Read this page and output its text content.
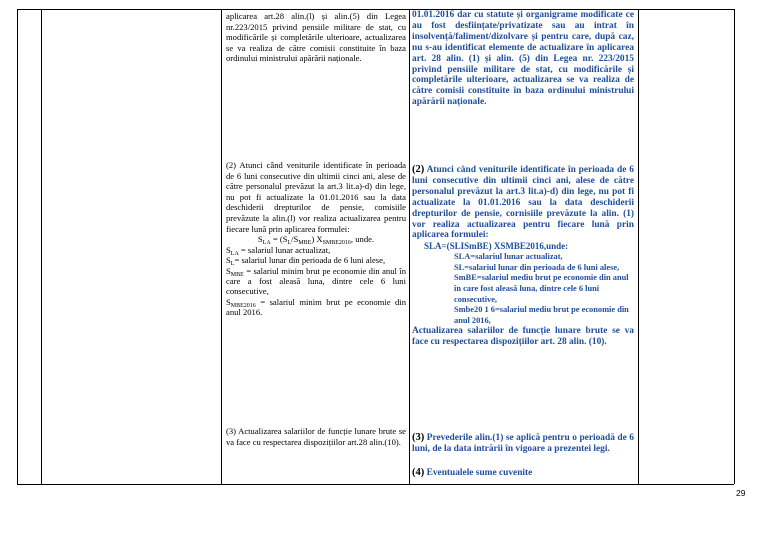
aplicarea art.28 alin.(l) și alin.(5) din Legea nr.223/2015 privind pensiile militare de stat, cu modificările și completările ulterioare, actualizarea se va realiza de către comisii constituite în baza ordinului ministrului apărării naționale.
(2) Atunci când veniturile identificate în perioada de 6 luni consecutive din ultimii cinci ani, alese de către personalul prevăzut la art.3 lit.a)-d) din lege, nu pot fi actualizate la 01.01.2016 sau la data deschiderii drepturilor de pensie, comisiile prevăzute la alin.(l) vor realiza actualizarea pentru fiecare lună prin aplicarea formulei:
$S_{LA} = (S_L/S_{MBE})$ $X_{SMBE2016}$, unde.
$S_{LA}$ = salariul lunar actualizat,
$S_L=$ salariul lunar din perioada de 6 luni alese,
$S_{MBE}$ = salariul minim brut pe economie din anul în care a fost aleasă luna, dintre cele 6 luni consecutive,
$S_{MBE2016}$ = salariul minim brut pe economie din anul 2016.
(3) Actualizarea salariilor de funcție lunare brute se va face cu respectarea dispozițiilor art.28 alin.(10).
01.01.2016 dar cu statute și organigrame modificate ce au fost desființate/privatizate sau au intrat în insolvență/faliment/dizolvare și pentru care, după caz, nu s-au identificat elemente de actualizare în aplicarea art. 28 alin. (1) și alin. (5) din Legea nr. 223/2015 privind pensiile militare de stat, cu modificările și completările ulterioare, actualizarea se va realiza de către comisii constituite în baza ordinului ministrului apărării naționale.
(2) Atunci când veniturile identificate în perioada de 6 luni consecutive din ultimii cinci ani, alese de către personalul prevăzut la art.3 lit.a)-d) din lege, nu pot fi actualizate la 01.01.2016 sau la data deschiderii drepturilor de pensie, cornisiile prevăzute la alin. (1) vor realiza actualizarea pentru fiecare lună prin aplicarea formulei:
SLA=(SLISmBE) XSMBE2016,unde:
SLA=salariul lunar actualizat,
SL=salariul lunar din perioada de 6 luni alese,
SmBE=salariul mediu brut pe economie din anul în care fost aleasă luna, dintre cele 6 luni consecutive,
Smbe20 1 6=salariul mediu brut pe economie din anul 2016,
Actualizarea salariilor de funcție lunare brute se va face cu respectarea dispozițiilor art. 28 alin. (10).
(3) Prevederile alin.(1) se aplică pentru o perioadă de 6 luni, de la data intrării în vigoare a prezentei legi.
(4) Eventualele sume cuvenite
29
